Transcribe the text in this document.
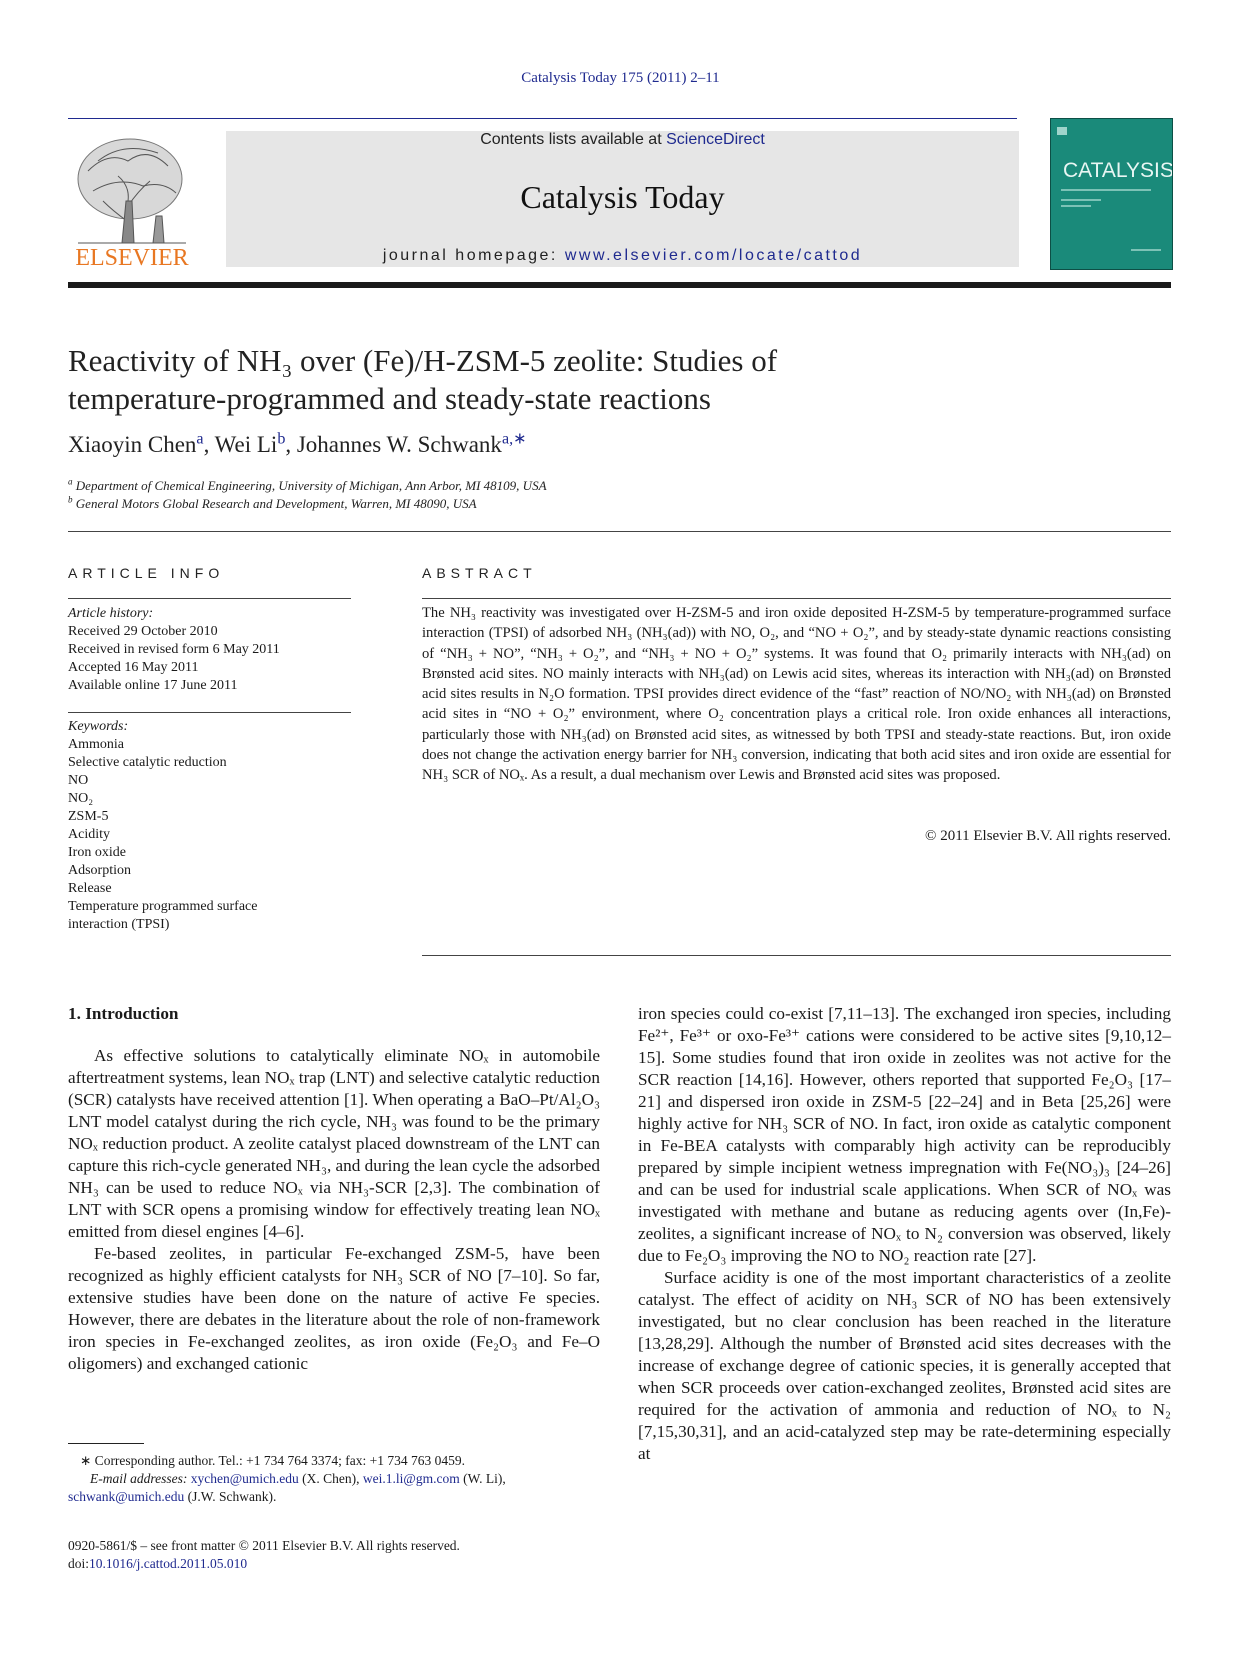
Catalysis Today 175 (2011) 2–11
ELSEVIER
Contents lists available at ScienceDirect
Catalysis Today
journal homepage: www.elsevier.com/locate/cattod
CATALYSIS
Reactivity of NH₃ over (Fe)/H-ZSM-5 zeolite: Studies of
temperature-programmed and steady-state reactions
Xiaoyin Chen$^a$, Wei Li$^b$, Johannes W. Schwank$^{a,∗}$
$^a$ Department of Chemical Engineering, University of Michigan, Ann Arbor, MI 48109, USA
$^b$ General Motors Global Research and Development, Warren, MI 48090, USA
ARTICLE INFO
Article history:
Received 29 October 2010
Received in revised form 6 May 2011
Accepted 16 May 2011
Available online 17 June 2011
Keywords:
Ammonia
Selective catalytic reduction
NO
NO₂
ZSM-5
Acidity
Iron oxide
Adsorption
Release
Temperature programmed surface
interaction (TPSI)
ABSTRACT
The NH₃ reactivity was investigated over H-ZSM-5 and iron oxide deposited H-ZSM-5 by temperature-programmed surface interaction (TPSI) of adsorbed NH₃ (NH₃(ad)) with NO, O₂, and “NO + O₂”, and by steady-state dynamic reactions consisting of “NH₃ + NO”, “NH₃ + O₂”, and “NH₃ + NO + O₂” systems. It was found that O₂ primarily interacts with NH₃(ad) on Brønsted acid sites. NO mainly interacts with NH₃(ad) on Lewis acid sites, whereas its interaction with NH₃(ad) on Brønsted acid sites results in N₂O formation. TPSI provides direct evidence of the “fast” reaction of NO/NO₂ with NH₃(ad) on Brønsted acid sites in “NO + O₂” environment, where O₂ concentration plays a critical role. Iron oxide enhances all interactions, particularly those with NH₃(ad) on Brønsted acid sites, as witnessed by both TPSI and steady-state reactions. But, iron oxide does not change the activation energy barrier for NH₃ conversion, indicating that both acid sites and iron oxide are essential for NH₃ SCR of NOₓ. As a result, a dual mechanism over Lewis and Brønsted acid sites was proposed.
© 2011 Elsevier B.V. All rights reserved.
1. Introduction

As effective solutions to catalytically eliminate NOₓ in automobile aftertreatment systems, lean NOₓ trap (LNT) and selective catalytic reduction (SCR) catalysts have received attention [1]. When operating a BaO–Pt/Al₂O₃ LNT model catalyst during the rich cycle, NH₃ was found to be the primary NOₓ reduction product. A zeolite catalyst placed downstream of the LNT can capture this rich-cycle generated NH₃, and during the lean cycle the adsorbed NH₃ can be used to reduce NOₓ via NH₃-SCR [2,3]. The combination of LNT with SCR opens a promising window for effectively treating lean NOₓ emitted from diesel engines [4–6].

Fe-based zeolites, in particular Fe-exchanged ZSM-5, have been recognized as highly efficient catalysts for NH₃ SCR of NO [7–10]. So far, extensive studies have been done on the nature of active Fe species. However, there are debates in the literature about the role of non-framework iron species in Fe-exchanged zeolites, as iron oxide (Fe₂O₃ and Fe–O oligomers) and exchanged cationic

iron species could co-exist [7,11–13]. The exchanged iron species, including Fe²⁺, Fe³⁺ or oxo-Fe³⁺ cations were considered to be active sites [9,10,12–15]. Some studies found that iron oxide in zeolites was not active for the SCR reaction [14,16]. However, others reported that supported Fe₂O₃ [17–21] and dispersed iron oxide in ZSM-5 [22–24] and in Beta [25,26] were highly active for NH₃ SCR of NO. In fact, iron oxide as catalytic component in Fe-BEA catalysts with comparably high activity can be reproducibly prepared by simple incipient wetness impregnation with Fe(NO₃)₃ [24–26] and can be used for industrial scale applications. When SCR of NOₓ was investigated with methane and butane as reducing agents over (In,Fe)-zeolites, a significant increase of NOₓ to N₂ conversion was observed, likely due to Fe₂O₃ improving the NO to NO₂ reaction rate [27].

Surface acidity is one of the most important characteristics of a zeolite catalyst. The effect of acidity on NH₃ SCR of NO has been extensively investigated, but no clear conclusion has been reached in the literature [13,28,29]. Although the number of Brønsted acid sites decreases with the increase of exchange degree of cationic species, it is generally accepted that when SCR proceeds over cation-exchanged zeolites, Brønsted acid sites are required for the activation of ammonia and reduction of NOₓ to N₂ [7,15,30,31], and an acid-catalyzed step may be rate-determining especially at

∗ Corresponding author. Tel.: +1 734 764 3374; fax: +1 734 763 0459.
E-mail addresses: xychen@umich.edu (X. Chen), wei.1.li@gm.com (W. Li),
schwank@umich.edu (J.W. Schwank).
0920-5861/$ – see front matter © 2011 Elsevier B.V. All rights reserved.
doi:10.1016/j.cattod.2011.05.010
